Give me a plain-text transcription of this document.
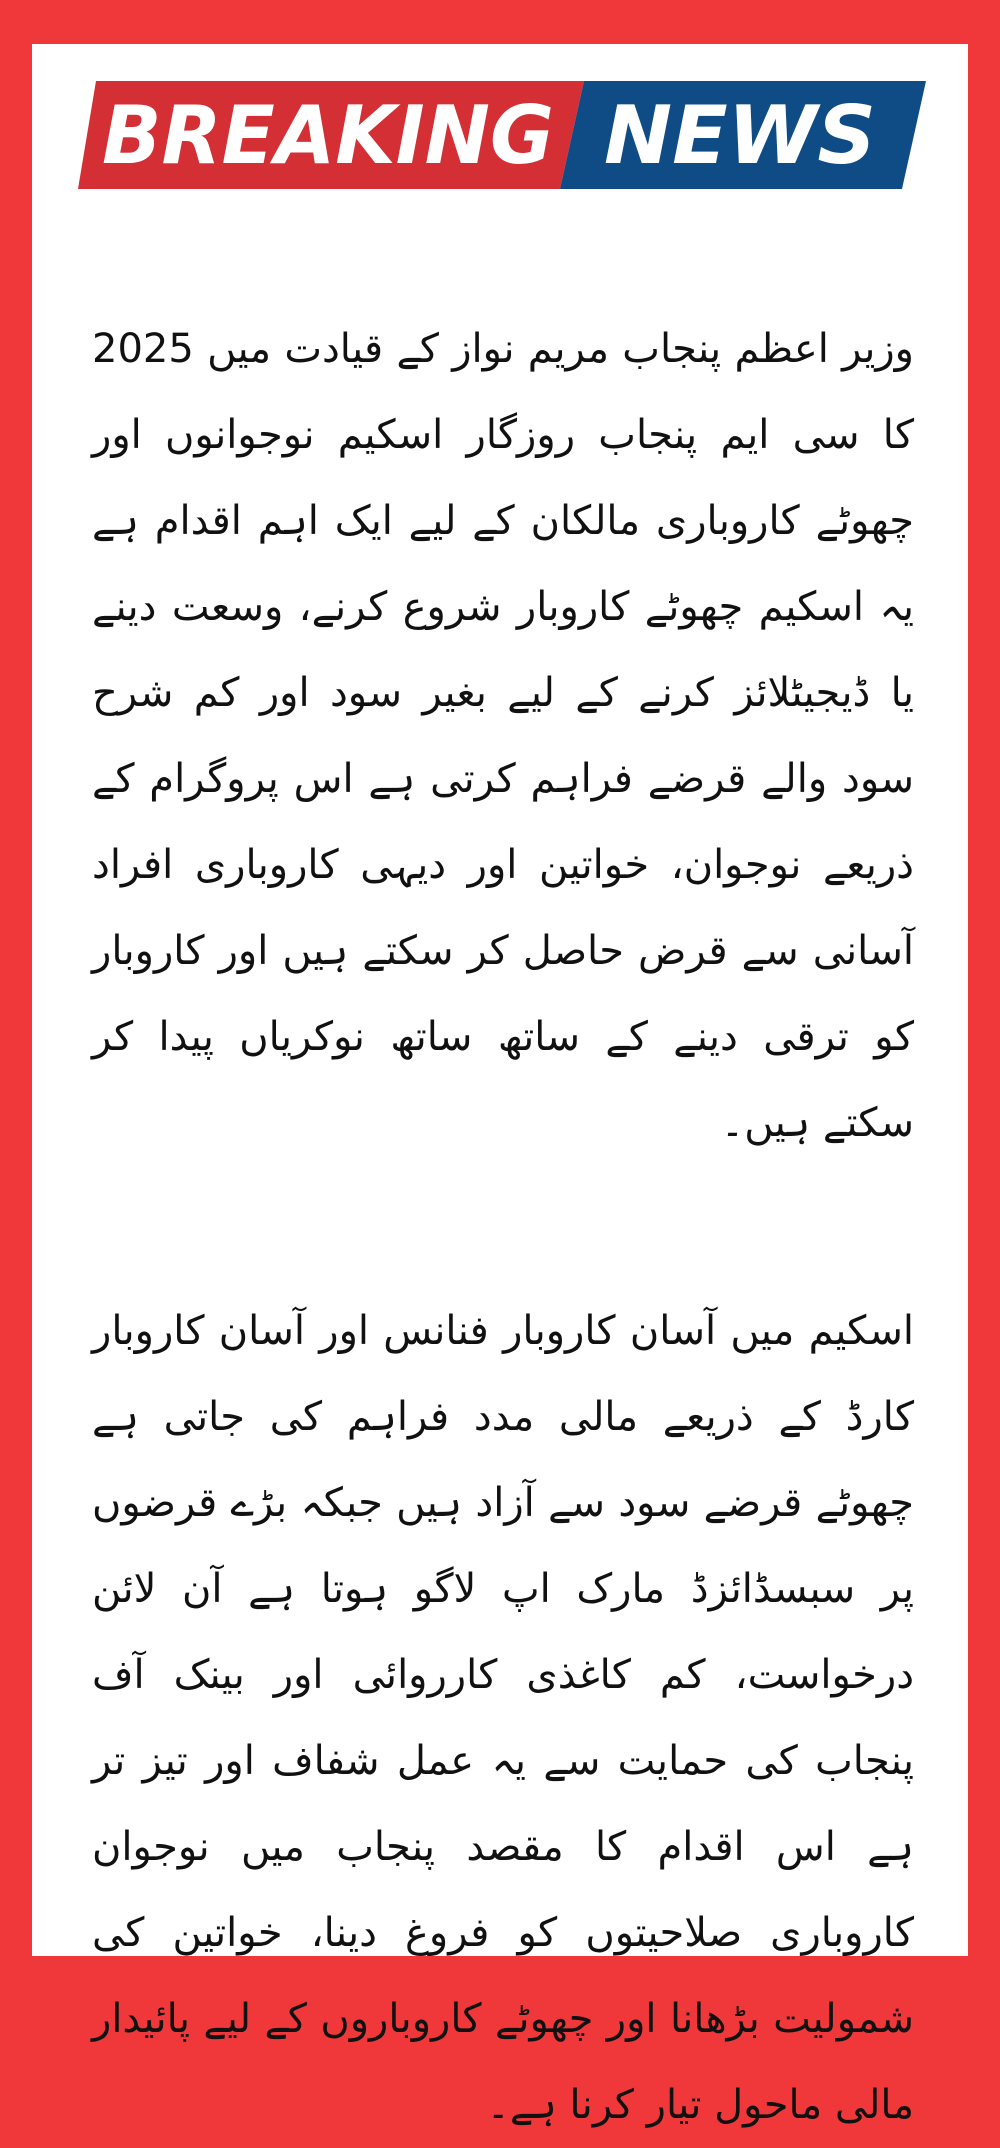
BREAKING NEWS

وزیر اعظم پنجاب مریم نواز کے قیادت میں 2025 کا سی ایم پنجاب روزگار اسکیم نوجوانوں اور چھوٹے کاروباری مالکان کے لیے ایک اہم اقدام ہے یہ اسکیم چھوٹے کاروبار شروع کرنے، وسعت دینے یا ڈیجیٹلائز کرنے کے لیے بغیر سود اور کم شرح سود والے قرضے فراہم کرتی ہے اس پروگرام کے ذریعے نوجوان، خواتین اور دیہی کاروباری افراد آسانی سے قرض حاصل کر سکتے ہیں اور کاروبار کو ترقی دینے کے ساتھ ساتھ نوکریاں پیدا کر سکتے ہیں۔

اسکیم میں آسان کاروبار فنانس اور آسان کاروبار کارڈ کے ذریعے مالی مدد فراہم کی جاتی ہے چھوٹے قرضے سود سے آزاد ہیں جبکہ بڑے قرضوں پر سبسڈائزڈ مارک اپ لاگو ہوتا ہے آن لائن درخواست، کم کاغذی کارروائی اور بینک آف پنجاب کی حمایت سے یہ عمل شفاف اور تیز تر ہے اس اقدام کا مقصد پنجاب میں نوجوان کاروباری صلاحیتوں کو فروغ دینا، خواتین کی شمولیت بڑھانا اور چھوٹے کاروباروں کے لیے پائیدار مالی ماحول تیار کرنا ہے۔
